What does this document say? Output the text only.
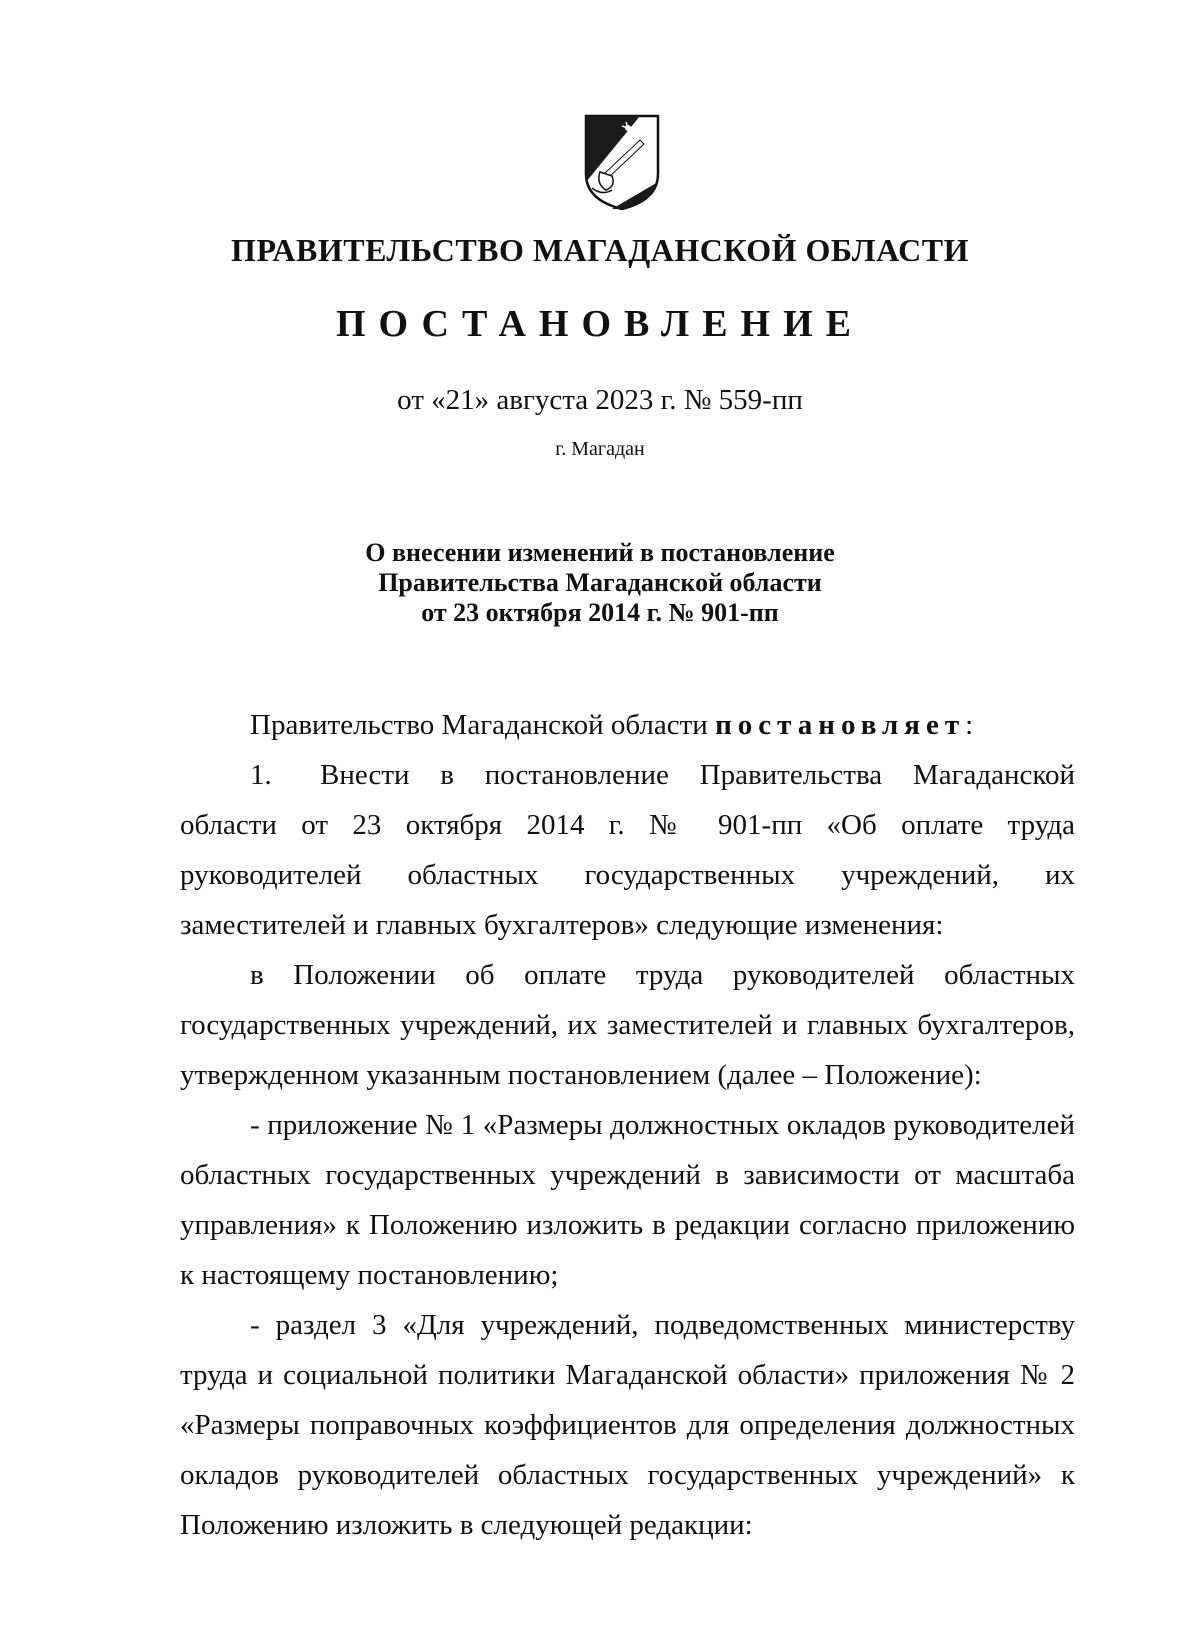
ПРАВИТЕЛЬСТВО МАГАДАНСКОЙ ОБЛАСТИ
ПОСТАНОВЛЕНИЕ
от «21» августа 2023 г. № 559-пп
г. Магадан
О внесении изменений в постановление
Правительства Магаданской области
от 23 октября 2014 г. № 901-пп

Правительство Магаданской области постановляет:

1. Внести в постановление Правительства Магаданской области от 23 октября 2014 г. № 901-пп «Об оплате труда руководителей областных государственных учреждений, их заместителей и главных бухгалтеров» следующие изменения:

в Положении об оплате труда руководителей областных государственных учреждений, их заместителей и главных бухгалтеров, утвержденном указанным постановлением (далее – Положение):

- приложение № 1 «Размеры должностных окладов руководителей областных государственных учреждений в зависимости от масштаба управления» к Положению изложить в редакции согласно приложению к настоящему постановлению;

- раздел 3 «Для учреждений, подведомственных министерству труда и социальной политики Магаданской области» приложения № 2 «Размеры поправочных коэффициентов для определения должностных окладов руководителей областных государственных учреждений» к Положению изложить в следующей редакции:
